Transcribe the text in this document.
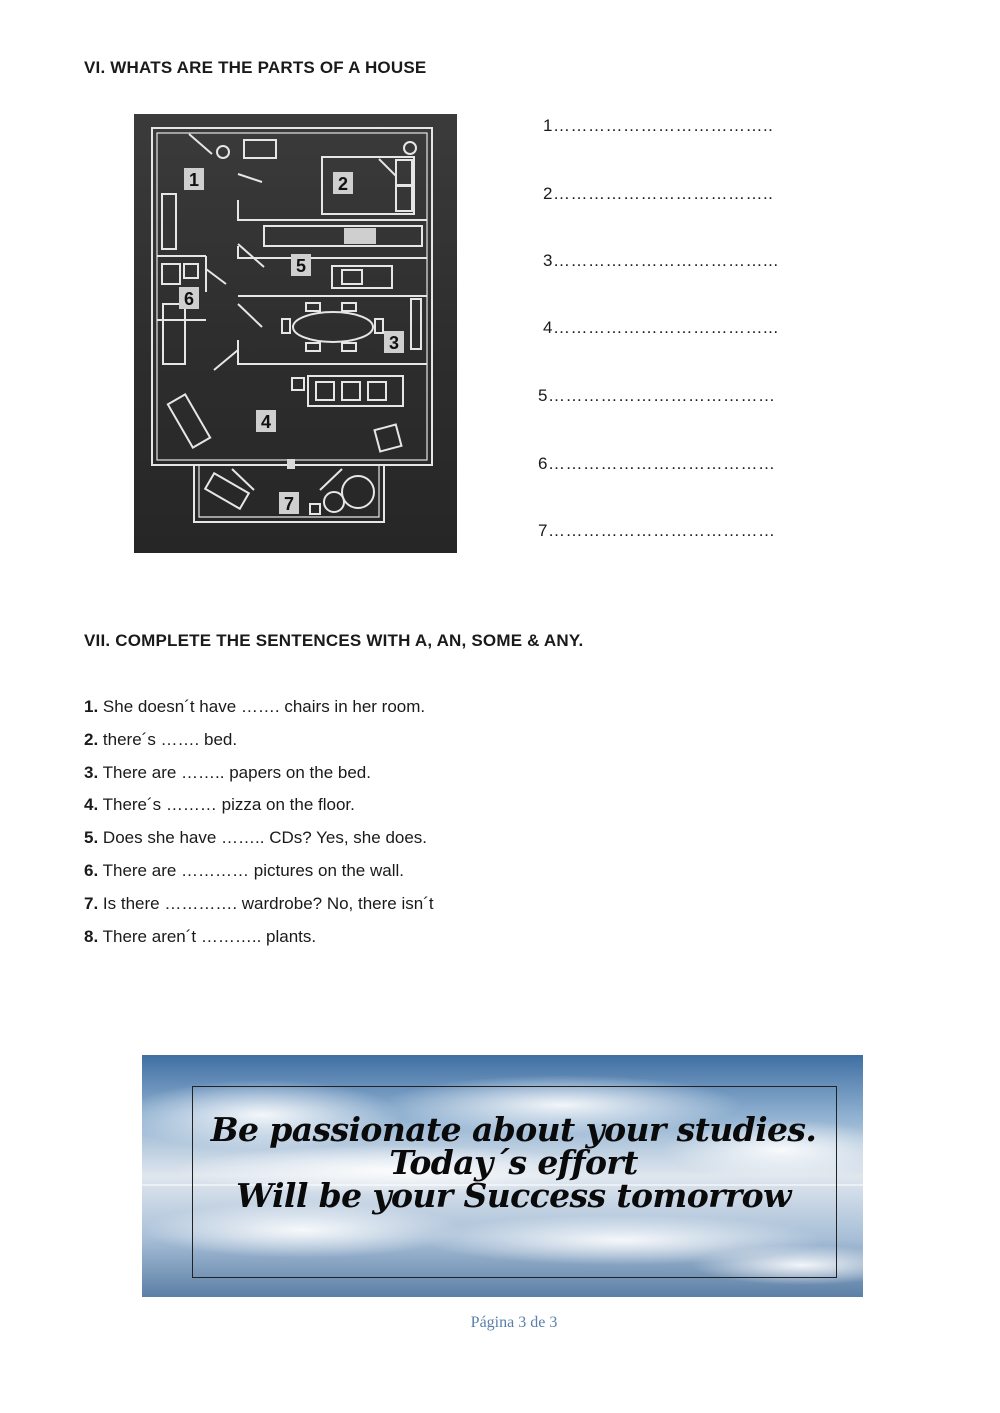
VI. WHATS ARE THE PARTS OF A HOUSE
1	2
3
4
5
6
7
1………………………………..
2………………………………..
3………………………………...
4………………………………...
5…………………………………
6…………………………………
7…………………………………
VII. COMPLETE THE SENTENCES WITH A, AN, SOME & ANY.
1. She doesn´t have ……. chairs in her room.
2. there´s ……. bed.
3. There are …….. papers on the bed.
4. There´s ……… pizza on the floor.
5. Does she have …….. CDs? Yes, she does.
6. There are ………… pictures on the wall.
7. Is there …………. wardrobe? No, there isn´t
8. There aren´t ……….. plants.
Be passionate about your studies.
Today´s effort
Will be your Success tomorrow
Página 3 de 3
